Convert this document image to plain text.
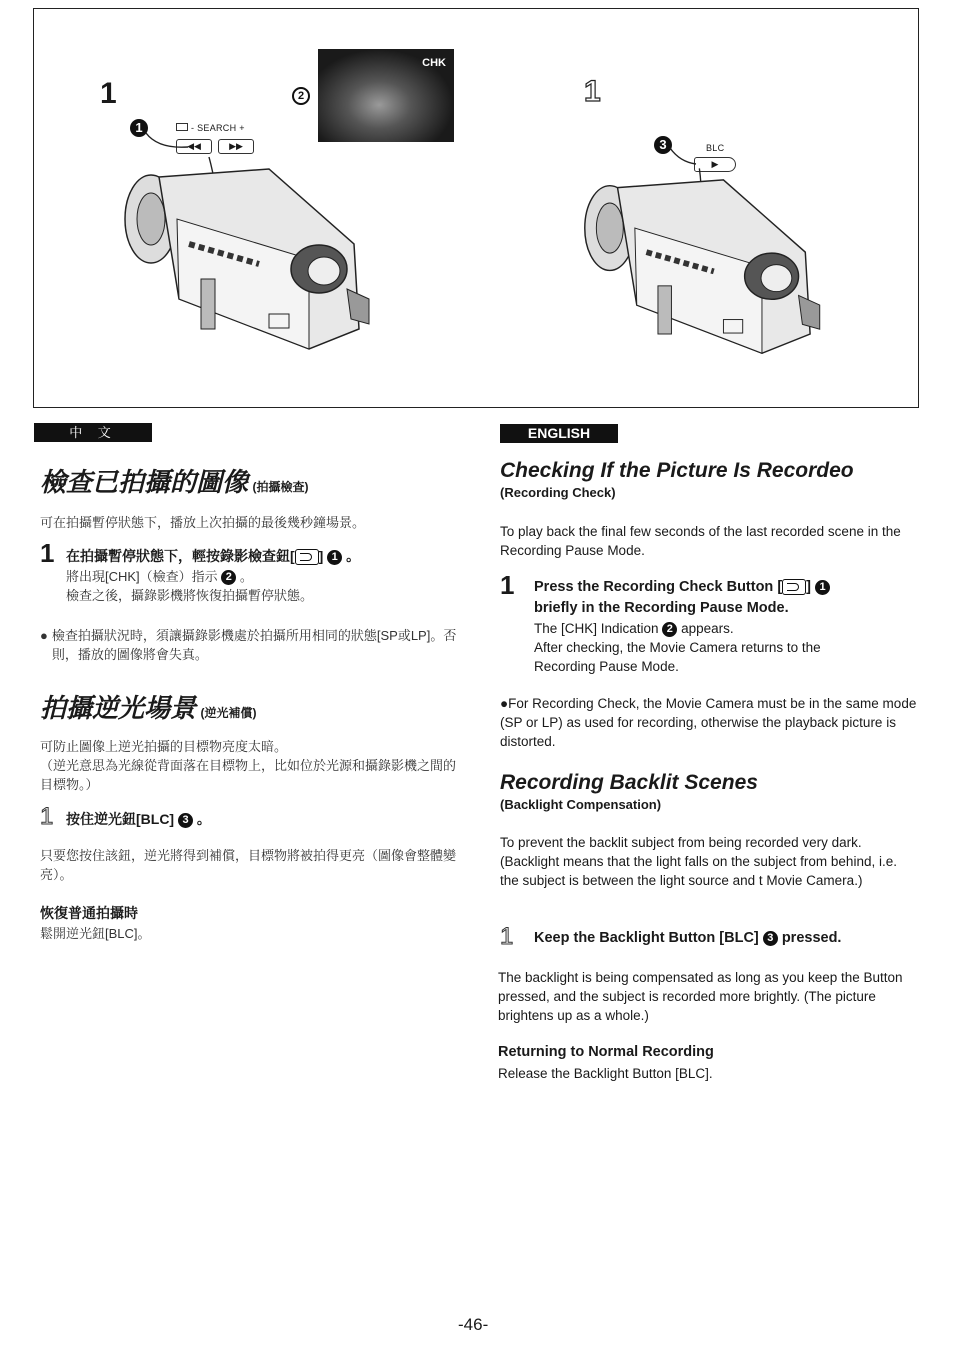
1
1	- SEARCH +
◀◀	▶▶
2
CHK
1
3	BLC
▶
中 文
檢查已拍攝的圖像 (拍攝檢查)
可在拍攝暫停狀態下，播放上次拍攝的最後幾秒鐘場景。
1 在拍攝暫停狀態下，輕按錄影檢查鈕[ ] 1 。
將出現[CHK]（檢查）指示 2 。
檢查之後，攝錄影機將恢復拍攝暫停狀態。
● 檢查拍攝狀況時，須讓攝錄影機處於拍攝所用相同的狀態[SP或LP]。否則，播放的圖像將會失真。
拍攝逆光場景 (逆光補償)
可防止圖像上逆光拍攝的目標物亮度太暗。
（逆光意思為光線從背面落在目標物上，比如位於光源和攝錄影機之間的目標物。）
1 按住逆光鈕[BLC] 3 。
只要您按住該鈕，逆光將得到補償，目標物將被拍得更亮（圖像會整體變亮）。
恢復普通拍攝時
鬆開逆光鈕[BLC]。
ENGLISH
Checking If the Picture Is Recordeo
(Recording Check)
To play back the final few seconds of the last recorded scene in the Recording Pause Mode.
1 Press the Recording Check Button [ ] 1
briefly in the Recording Pause Mode.
The [CHK] Indication 2 appears.
After checking, the Movie Camera returns to the Recording Pause Mode.
●For Recording Check, the Movie Camera must be in the same mode (SP or LP) as used for recording, otherwise the playback picture is distorted.
Recording Backlit Scenes
(Backlight Compensation)
To prevent the backlit subject from being recorded very dark. (Backlight means that the light falls on the subject from behind, i.e. the subject is between the light source and t Movie Camera.)
1 Keep the Backlight Button [BLC] 3 pressed.
The backlight is being compensated as long as you keep the Button pressed, and the subject is recorded more brightly. (The picture brightens up as a whole.)
Returning to Normal Recording
Release the Backlight Button [BLC].
-46-
